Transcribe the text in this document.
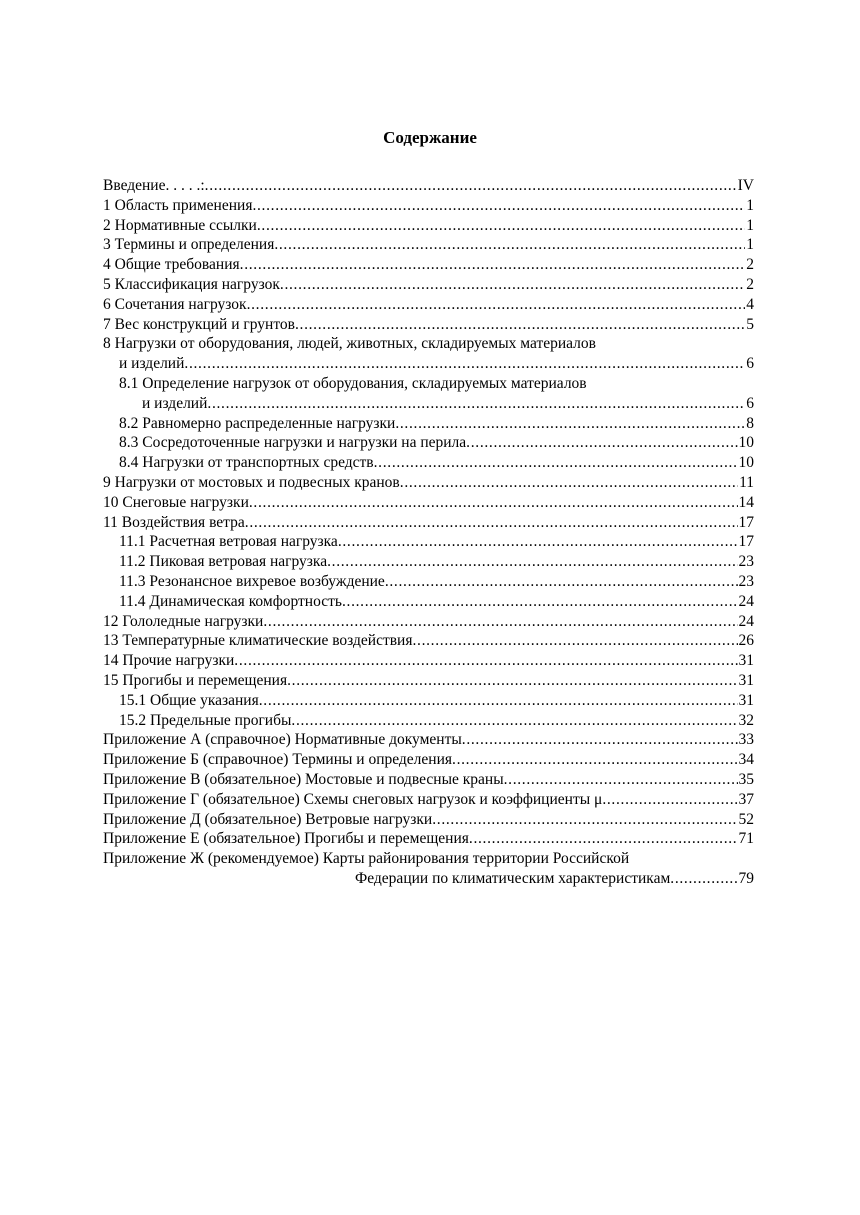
Содержание
Введение. . . . .: . . .	IV
1 Область применения . . .	1
2 Нормативные ссылки . . .	1
3 Термины и определения . . .	1
4 Общие требования . . .	2
5 Классификация нагрузок . . .	2
6 Сочетания нагрузок . . .	4
7 Вес конструкций и грунтов . . .	5
8 Нагрузки от оборудования, людей, животных, складируемых материалов
и изделий . . .	6
8.1 Определение нагрузок от оборудования, складируемых материалов
и изделий . . .	6
8.2 Равномерно распределенные нагрузки . . .	8
8.3 Сосредоточенные нагрузки и нагрузки на перила . . .	10
8.4 Нагрузки от транспортных средств . . .	10
9 Нагрузки от мостовых и подвесных кранов . . .	11
10 Снеговые нагрузки . . .	14
11 Воздействия ветра . . .	17
11.1 Расчетная ветровая нагрузка . . .	17
11.2 Пиковая ветровая нагрузка . . .	23
11.3 Резонансное вихревое возбуждение . . .	23
11.4 Динамическая комфортность . . .	24
12 Гололедные нагрузки . . .	24
13 Температурные климатические воздействия . . .	26
14 Прочие нагрузки . . .	31
15 Прогибы и перемещения . . .	31
15.1 Общие указания . . .	31
15.2 Предельные прогибы . . .	32
Приложение А (справочное) Нормативные документы . . .	33
Приложение Б (справочное) Термины и определения . . .	34
Приложение В (обязательное) Мостовые и подвесные краны . . .	35
Приложение Г (обязательное) Схемы снеговых нагрузок и коэффициенты μ . . .	37
Приложение Д (обязательное) Ветровые нагрузки . . .	52
Приложение Е (обязательное) Прогибы и перемещения . . .	71
Приложение Ж (рекомендуемое) Карты районирования территории Российской
Федерации по климатическим характеристикам . . .	79
